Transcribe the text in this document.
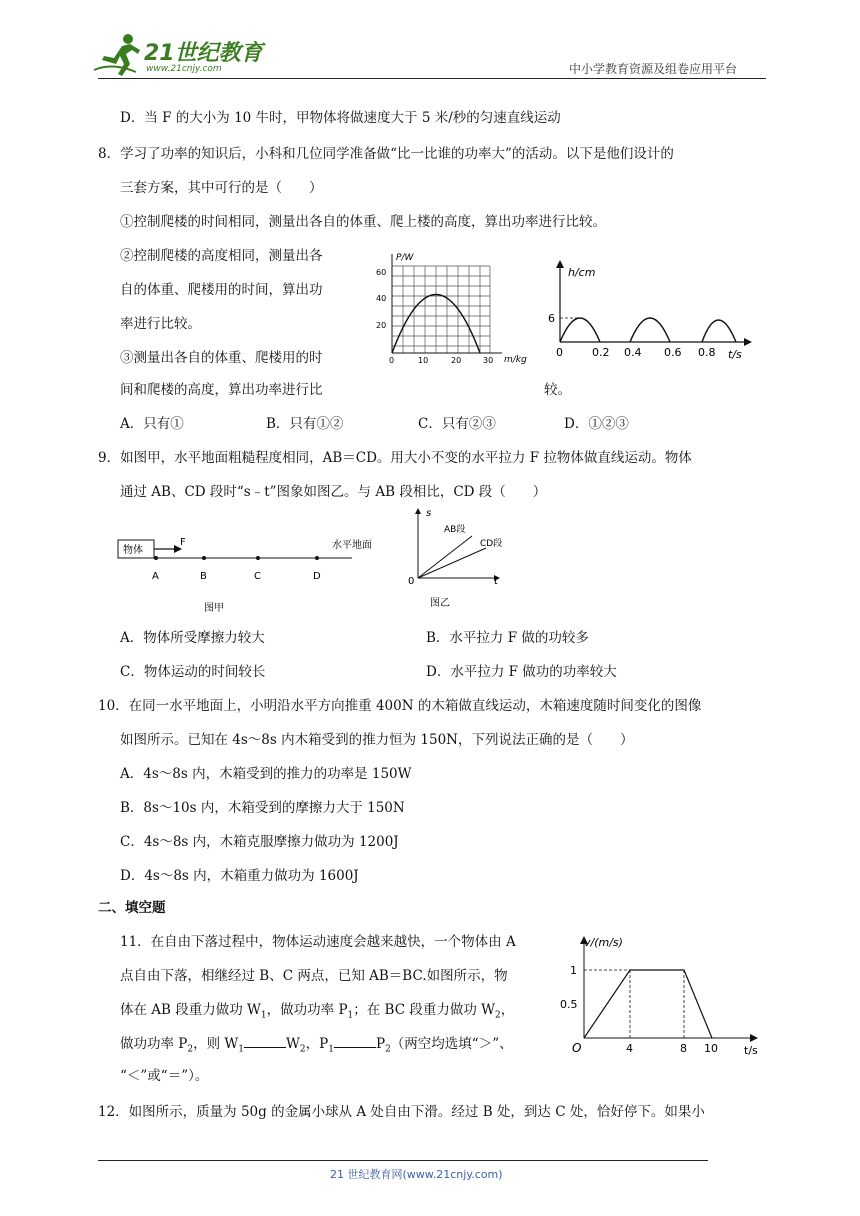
21世纪教育
www.21cnjy.com	中小学教育资源及组卷应用平台
D．当 F 的大小为 10 牛时，甲物体将做速度大于 5 米/秒的匀速直线运动
8．学习了功率的知识后，小科和几位同学准备做“比一比谁的功率大”的活动。以下是他们设计的
三套方案，其中可行的是（　　）
①控制爬楼的时间相同，测量出各自的体重、爬上楼的高度，算出功率进行比较。
②控制爬楼的高度相同，测量出各
自的体重、爬楼用的时间，算出功
率进行比较。
③测量出各自的体重、爬楼用的时
间和爬楼的高度，算出功率进行比	较。
P/W
m/kg
60
40
20
0	10	20	30
h/cm
t/s
6
0	0.2 0.4 0.6 0.8
A．只有①	B．只有①②	C．只有②③	D．①②③
9．如图甲，水平地面粗糙程度相同，AB＝CD。用大小不变的水平拉力 F 拉物体做直线运动。物体
通过 AB、CD 段时“s﹣t”图象如图乙。与 AB 段相比，CD 段（　　）
物体
F	水平地面
A	B	C	D
图甲
s
t
0
AB段
CD段
图乙
A．物体所受摩擦力较大	B．水平拉力 F 做的功较多
C．物体运动的时间较长	D．水平拉力 F 做功的功率较大
10．在同一水平地面上，小明沿水平方向推重 400N 的木箱做直线运动，木箱速度随时间变化的图像
如图所示。已知在 4s～8s 内木箱受到的推力恒为 150N，下列说法正确的是（　　）
A．4s～8s 内，木箱受到的推力的功率是 150W
B．8s～10s 内，木箱受到的摩擦力大于 150N
C．4s～8s 内，木箱克服摩擦力做功为 1200J
D．4s～8s 内，木箱重力做功为 1600J
二、填空题
11．在自由下落过程中，物体运动速度会越来越快，一个物体由 A
点自由下落，相继经过 B、C 两点，已知 AB＝BC.如图所示，物
体在 AB 段重力做功 $W_1$，做功功率 $P_1$；在 BC 段重力做功 $W_2$，
做功功率 $P_2$，则 $W_1$	$W_2$，$P_1$	$P_2$（两空均选填“＞”、
“＜”或“＝”）。
v/(m/s)
t/s
O
1
0.5
4	8 10
12．如图所示，质量为 50g 的金属小球从 A 处自由下滑。经过 B 处，到达 C 处，恰好停下。如果小
21 世纪教育网(www.21cnjy.com)
